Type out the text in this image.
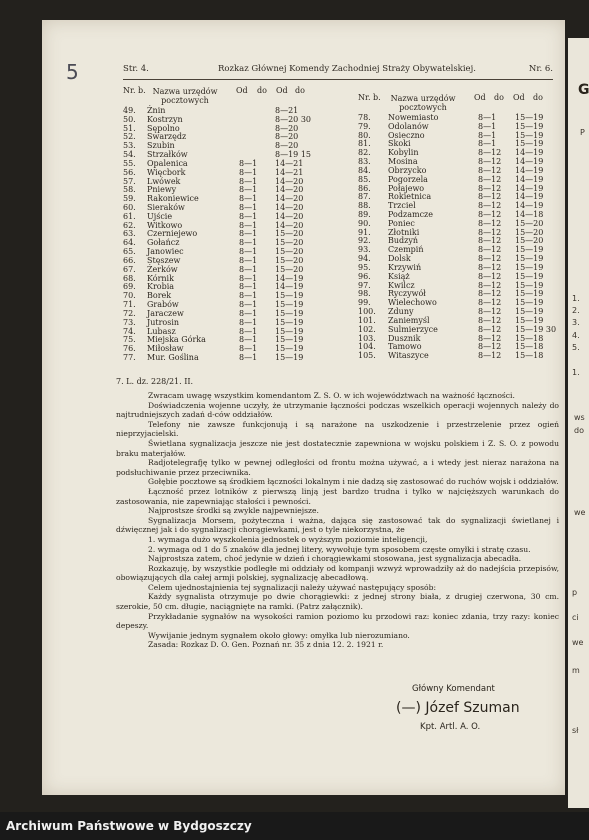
G
P
1.
2.
3.
4.
5.
1.
ws
do
we
p
ci
we
m
sł
5	Str. 4.	Rozkaz Głównej Komendy Zachodniej Straży Obywatelskiej.	Nr. 6.
Nr. b. Nazwa urzędów pocztowych
Od do Od do
49. Żnin	8—21
50. Kostrzyn	8—20 30
51. Sępolno	8—20
52. Swarzędz	8—20
53. Szubin	8—20
54. Strzałków	8—19 15
55. Opalenica	8—1 14—21
56. Więcbork	8—1 14—21
57. Lwówek	8—1 14—20
58. Pniewy	8—1 14—20
59. Rakoniewice	8—1 14—20
60. Sieraków	8—1 14—20
61. Ujście	8—1 14—20
62. Witkowo	8—1 14—20
63. Czerniejewo	8—1 15—20
64. Gołańcz	8—1 15—20
65. Janowiec	8—1 15—20
66. Stęszew	8—1 15—20
67. Żerków	8—1 15—20
68. Kórnik	8—1 14—19
69. Krobia	8—1 14—19
70. Borek	8—1 15—19
71. Grabów	8—1 15—19
72. Jaraczew	8—1 15—19
73. Jutrosin	8—1 15—19
74. Lubasz	8—1 15—19
75. Miejska Górka	8—1 15—19
76. Miłosław	8—1 15—19
77. Mur. Goślina	8—1 15—19
Nr. b.	Nazwa urzędów pocztowych
Od do Od do
78. Nowemiasto	8—1 15—19
79. Odolanów	8—1 15—19
80. Osieczno	8—1 15—19
81. Skoki	8—1 15—19
82. Kobylin	8—12 14—19
83. Mosina	8—12 14—19
84. Obrzycko	8—12 14—19
85. Pogorzela	8—12 14—19
86. Połajewo	8—12 14—19
87. Rokietnica	8—12 14—19
88. Trzciel	8—12 14—19
89. Podzamcze	8—12 14—18
90. Poniec	8—12 15—20
91. Złotniki	8—12 15—20
92. Budzyń	8—12 15—20
93. Czempiń	8—12 15—19
94. Dolsk	8—12 15—19
95. Krzywiń	8—12 15—19
96. Książ	8—12 15—19
97. Kwilcz	8—12 15—19
98. Ryczywół	8—12 15—19
99. Wielechowo	8—12 15—19
100. Zduny	8—12 15—19
101. Zaniemyśl	8—12 15—19
102. Sulmierzyce	8—12 15—19 30
103. Dusznik	8—12 15—18
104. Tamowo	8—12 15—18
105. Witaszyce	8—12 15—18
7. L. dz. 228/21. II.

Zwracam uwagę wszystkim komendantom Z. S. O. w ich województwach na ważność łączności.

Doświadczenia wojenne uczyły, że utrzymanie łączności podczas wszelkich operacji wojennych należy do najtrudniejszych zadań d-ców oddziałów.

Telefony nie zawsze funkcjonują i są narażone na uszkodzenie i przestrzelenie przez ogień nieprzyjacielski.

Świetlana sygnalizacja jeszcze nie jest dostatecznie zapewniona w wojsku polskiem i Z. S. O. z powodu braku materjałów.

Radjotelegrafję tylko w pewnej odległości od frontu można używać, a i wtedy jest nieraz narażona na podsłuchiwanie przez przeciwnika.

Gołębie pocztowe są środkiem łączności lokalnym i nie dadzą się zastosować do ruchów wojsk i oddziałów.

Łączność przez lotników z pierwszą linją jest bardzo trudna i tylko w najcięższych warunkach do zastosowania, nie zapewniając stałości i pewności.

Najprostsze środki są zwykle najpewniejsze.

Sygnalizacja Morsem, pożyteczna i ważna, dająca się zastosować tak do sygnalizacji świetlanej i dźwięcznej jak i do sygnalizacji chorągiewkami, jest o tyle niekorzystna, że

1. wymaga dużo wyszkolenia jednostek o wyższym poziomie inteligencji,

2. wymaga od 1 do 5 znaków dla jednej litery, wywołuje tym sposobem częste omyłki i stratę czasu.

Najprostsza zatem, choć jedynie w dzień i chorągiewkami stosowana, jest sygnalizacja abecadła.

Rozkazuję, by wszystkie podległe mi oddziały od kompanji wzwyż wprowadziły aż do nadejścia przepisów, obowiązujących dla całej armji polskiej, sygnalizację abecadłową.

Celem ujednostajnienia tej sygnalizacji należy używać następujący sposób:

Każdy sygnalista otrzymuje po dwie chorągiewki: z jednej strony biała, z drugiej czerwona, 30 cm. szerokie, 50 cm. długie, naciągnięte na ramki. (Patrz załącznik).

Przykładanie sygnałów na wysokości ramion poziomo ku przodowi raz: koniec zdania, trzy razy: koniec depeszy.

Wywijanie jednym sygnałem około głowy: omyłka lub nierozumiano.

Zasada: Rozkaz D. O. Gen. Poznań nr. 35 z dnia 12. 2. 1921 r.

Główny Komendant
(—) Józef Szuman
Kpt. Artl. A. O.
Archiwum Państwowe w Bydgoszczy
